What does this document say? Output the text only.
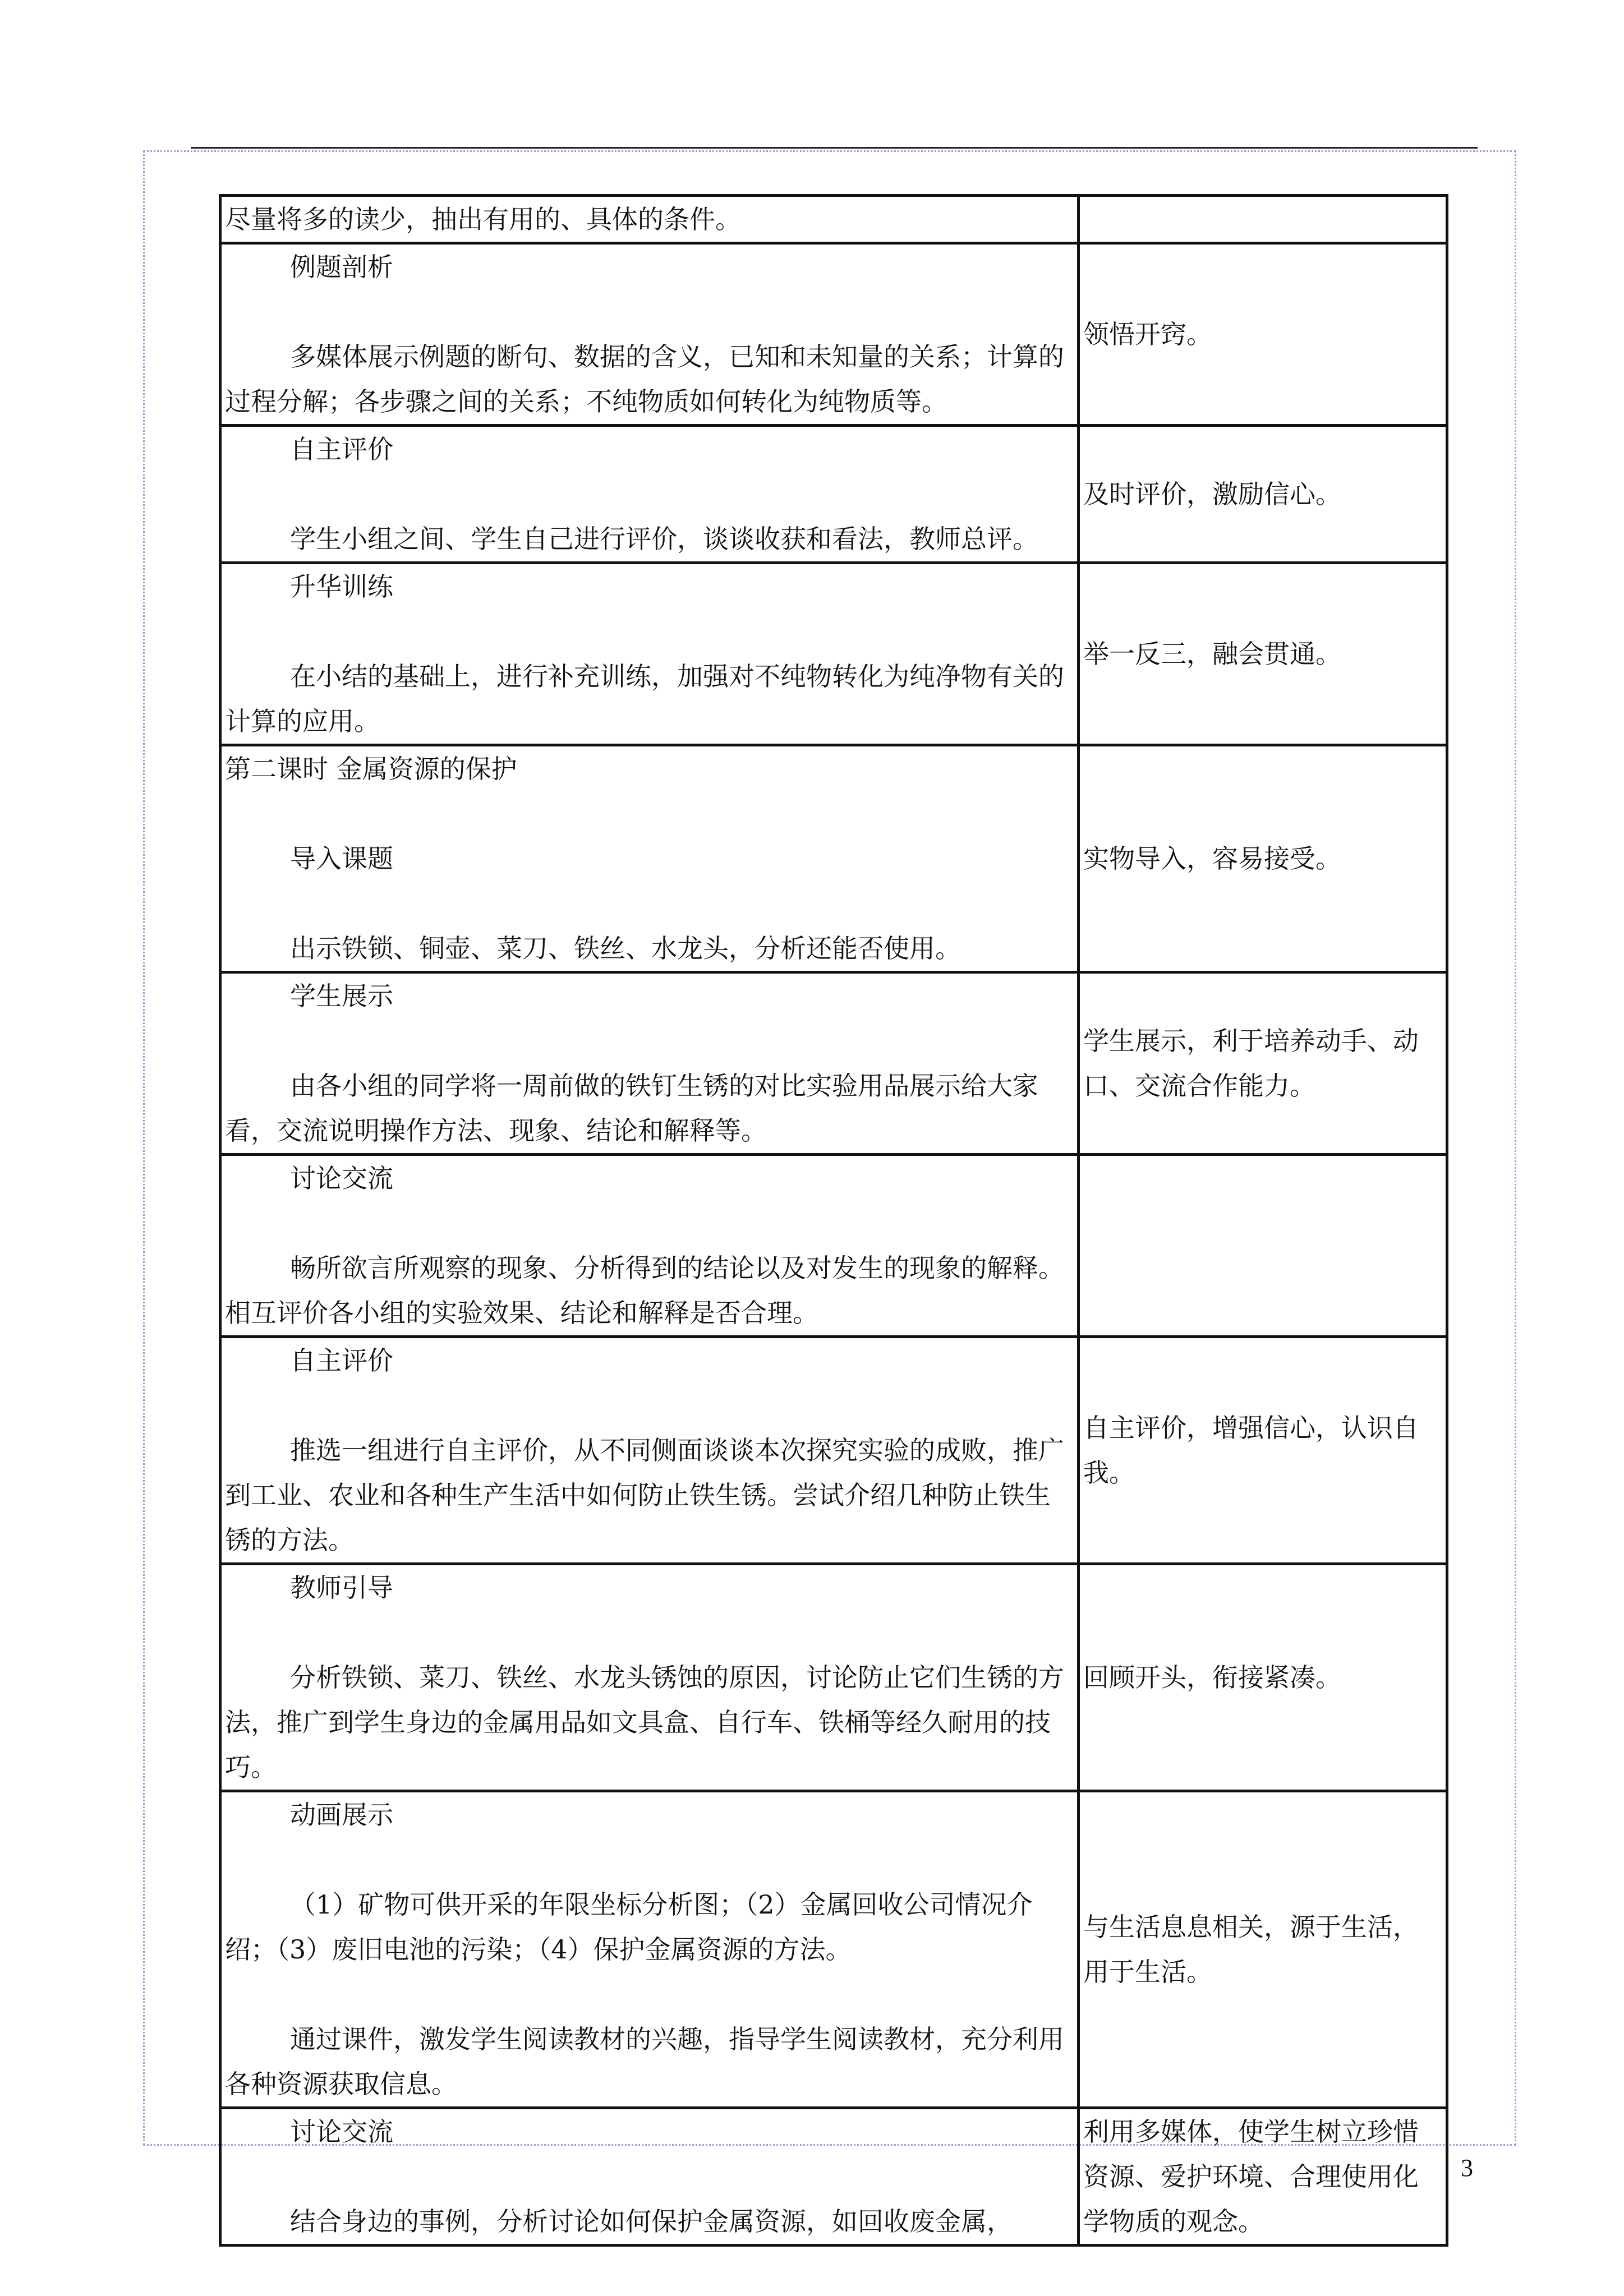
尽量将多的读少，抽出有用的、具体的条件。	

例题剖析
多媒体展示例题的断句、数据的含义，已知和未知量的关系；计算的过程分解；各步骤之间的关系；不纯物质如何转化为纯物质等。	领悟开窍。

自主评价
学生小组之间、学生自己进行评价，谈谈收获和看法，教师总评。	及时评价，激励信心。

升华训练
在小结的基础上，进行补充训练，加强对不纯物转化为纯净物有关的计算的应用。	举一反三，融会贯通。

第二课时 金属资源的保护
导入课题
出示铁锁、铜壶、菜刀、铁丝、水龙头，分析还能否使用。	实物导入，容易接受。

学生展示
由各小组的同学将一周前做的铁钉生锈的对比实验用品展示给大家看，交流说明操作方法、现象、结论和解释等。	学生展示，利于培养动手、动口、交流合作能力。

讨论交流
畅所欲言所观察的现象、分析得到的结论以及对发生的现象的解释。相互评价各小组的实验效果、结论和解释是否合理。	

自主评价
推选一组进行自主评价，从不同侧面谈谈本次探究实验的成败，推广到工业、农业和各种生产生活中如何防止铁生锈。尝试介绍几种防止铁生锈的方法。	自主评价，增强信心，认识自我。

教师引导
分析铁锁、菜刀、铁丝、水龙头锈蚀的原因，讨论防止它们生锈的方法，推广到学生身边的金属用品如文具盒、自行车、铁桶等经久耐用的技巧。	回顾开头，衔接紧凑。

动画展示
（1）矿物可供开采的年限坐标分析图；（2）金属回收公司情况介绍；（3）废旧电池的污染；（4）保护金属资源的方法。
通过课件，激发学生阅读教材的兴趣，指导学生阅读教材，充分利用各种资源获取信息。	与生活息息相关，源于生活，用于生活。

讨论交流
结合身边的事例，分析讨论如何保护金属资源，如回收废金属，	利用多媒体，使学生树立珍惜资源、爱护环境、合理使用化学物质的观念。
3
